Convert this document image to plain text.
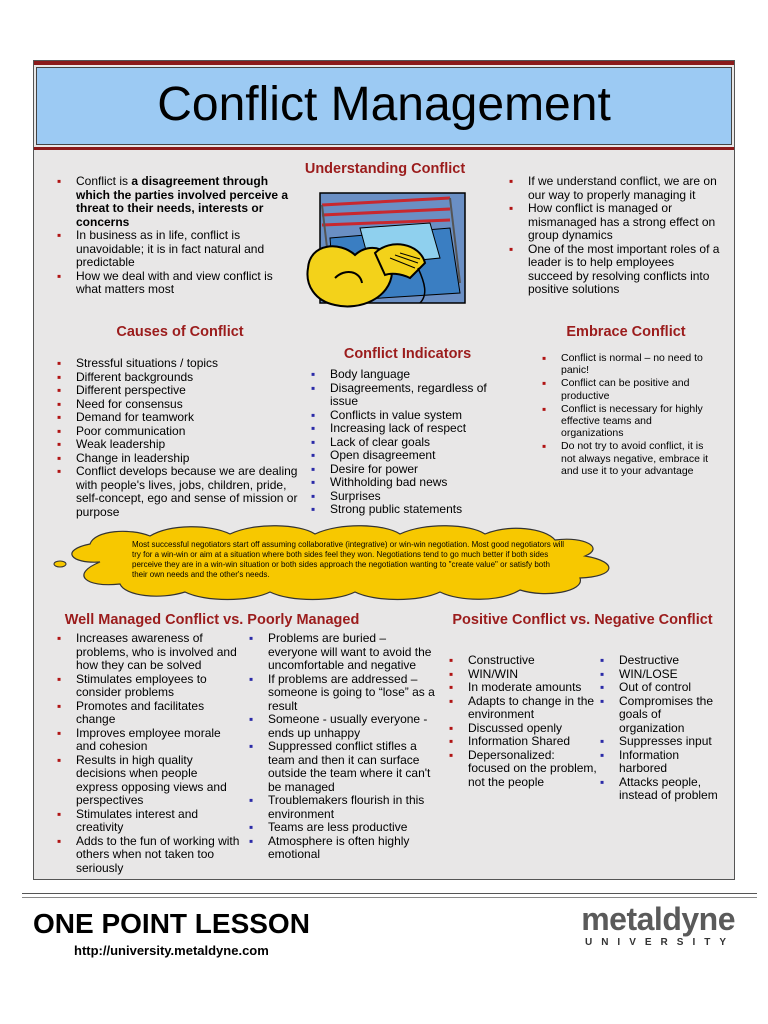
Conflict Management
Understanding Conflict
▪ Conflict is a disagreement through which the parties involved perceive a threat to their needs, interests or concerns
▪ In business as in life, conflict is unavoidable; it is in fact natural and predictable
▪ How we deal with and view conflict is what matters most
▪ If we understand conflict, we are on our way to properly managing it
▪ How conflict is managed or mismanaged has a strong effect on group dynamics
▪ One of the most important roles of a leader is to help employees succeed by resolving conflicts into positive solutions
Causes of Conflict
▪ Stressful situations / topics
▪ Different backgrounds
▪ Different perspective
▪ Need for consensus
▪ Demand for teamwork
▪ Poor communication
▪ Weak leadership
▪ Change in leadership
▪ Conflict develops because we are dealing with people's lives, jobs, children, pride, self-concept, ego and sense of mission or purpose
Conflict Indicators
▪ Body language
▪ Disagreements, regardless of issue
▪ Conflicts in value system
▪ Increasing lack of respect
▪ Lack of clear goals
▪ Open disagreement
▪ Desire for power
▪ Withholding bad news
▪ Surprises
▪ Strong public statements
Embrace Conflict
▪ Conflict is normal – no need to panic!
▪ Conflict can be positive and productive
▪ Conflict is necessary for highly effective teams and organizations
▪ Do not try to avoid conflict, it is not always negative, embrace it and use it to your advantage
Most successful negotiators start off assuming collaborative (integrative) or win-win negotiation. Most good negotiators will try for a win-win or aim at a situation where both sides feel they won. Negotiations tend to go much better if both sides perceive they are in a win-win situation or both sides approach the negotiation wanting to "create value" or satisfy both their own needs and the other's needs.
Well Managed Conflict vs. Poorly Managed
▪ Increases awareness of problems, who is involved and how they can be solved
▪ Stimulates employees to consider problems
▪ Promotes and facilitates change
▪ Improves employee morale and cohesion
▪ Results in high quality decisions when people express opposing views and perspectives
▪ Stimulates interest and creativity
▪ Adds to the fun of working with others when not taken too seriously
▪ Problems are buried – everyone will want to avoid the uncomfortable and negative
▪ If problems are addressed – someone is going to “lose” as a result
▪ Someone - usually everyone - ends up unhappy
▪ Suppressed conflict stifles a team and then it can surface outside the team where it can't be managed
▪ Troublemakers flourish in this environment
▪ Teams are less productive
▪ Atmosphere is often highly emotional
Positive Conflict vs. Negative Conflict
▪ Constructive
▪ WIN/WIN
▪ In moderate amounts
▪ Adapts to change in the environment
▪ Discussed openly
▪ Information Shared
▪ Depersonalized: focused on the problem, not the people
▪ Destructive
▪ WIN/LOSE
▪ Out of control
▪ Compromises the goals of organization
▪ Suppresses input
▪ Information harbored
▪ Attacks people, instead of problem
ONE POINT LESSON
http://university.metaldyne.com
metaldyne
UNIVERSITY
